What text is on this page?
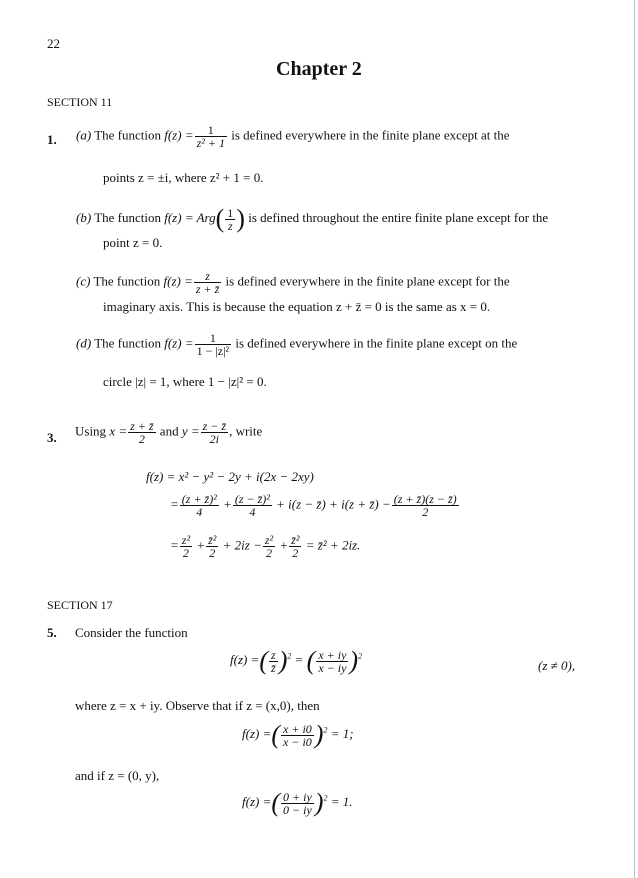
22
Chapter 2
SECTION 11
1. (a) The function $f(z) = \frac{1}{\text{z² + 1}}$ is defined everywhere in the finite plane except at the
points z = ±i, where z² + 1 = 0.
(b) The function $f(z) = Arg( \frac{1}{z}$ ) is defined throughout the entire finite plane except for the
point z = 0.
(c) The function $f(z) = \frac{z}{z + z̄}$ is defined everywhere in the finite plane except for the
imaginary axis. This is because the equation z + z̄ = 0 is the same as x = 0.
(d) The function $f(z) = \frac{1}{\text{1 − |z|²}}$ is defined everywhere in the finite plane except on the
circle |z| = 1, where 1 − |z|² = 0.
3. Using $x = \frac{z + z̄}{2}$ and $y = \frac{z - z̄}{2i}$ , write
f(z) = x² − y² − 2y + i(2x − 2xy)
= $\frac{\text{(z + z̄)²}}{4} + \frac{\text{(z − z̄)²}}{4} + i(z$ − z̄) + i(z + z̄) − $\frac{(z + z̄)(z - z̄)}{2}$
= $\frac{\text{z²}}{2} + \frac{\text{z̄²}}{2} + 2iz - \frac{\text{z²}}{2} + \frac{\text{z̄²}}{2}$ = z̄² + 2iz.
SECTION 17
5. Consider the function
f(z) =( $\frac{z}{z̄} )^2$ = ( $\frac{x + iy}{x - iy} )^2$
(z ≠ 0),
where z = x + iy. Observe that if z = (x,0), then
f(z) =( $\frac{x + i0}{x - i0} )^2 = 1$;
and if z = (0, y),
f(z) =( $\frac{0 + iy}{0 - iy} )^2 = 1$.
